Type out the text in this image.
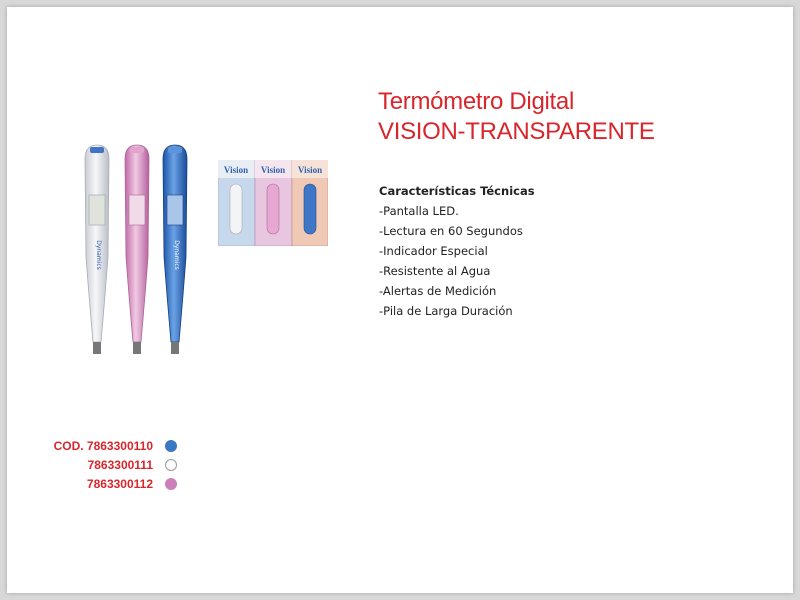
Dynamics	Dynamics
Vision Vision Vision
Termómetro Digital
VISION-TRANSPARENTE
Características Técnicas
-Pantalla LED.
-Lectura en 60 Segundos
-Indicador Especial
-Resistente al Agua
-Alertas de Medición
-Pila de Larga Duración
COD. 7863300110
7863300111
7863300112
